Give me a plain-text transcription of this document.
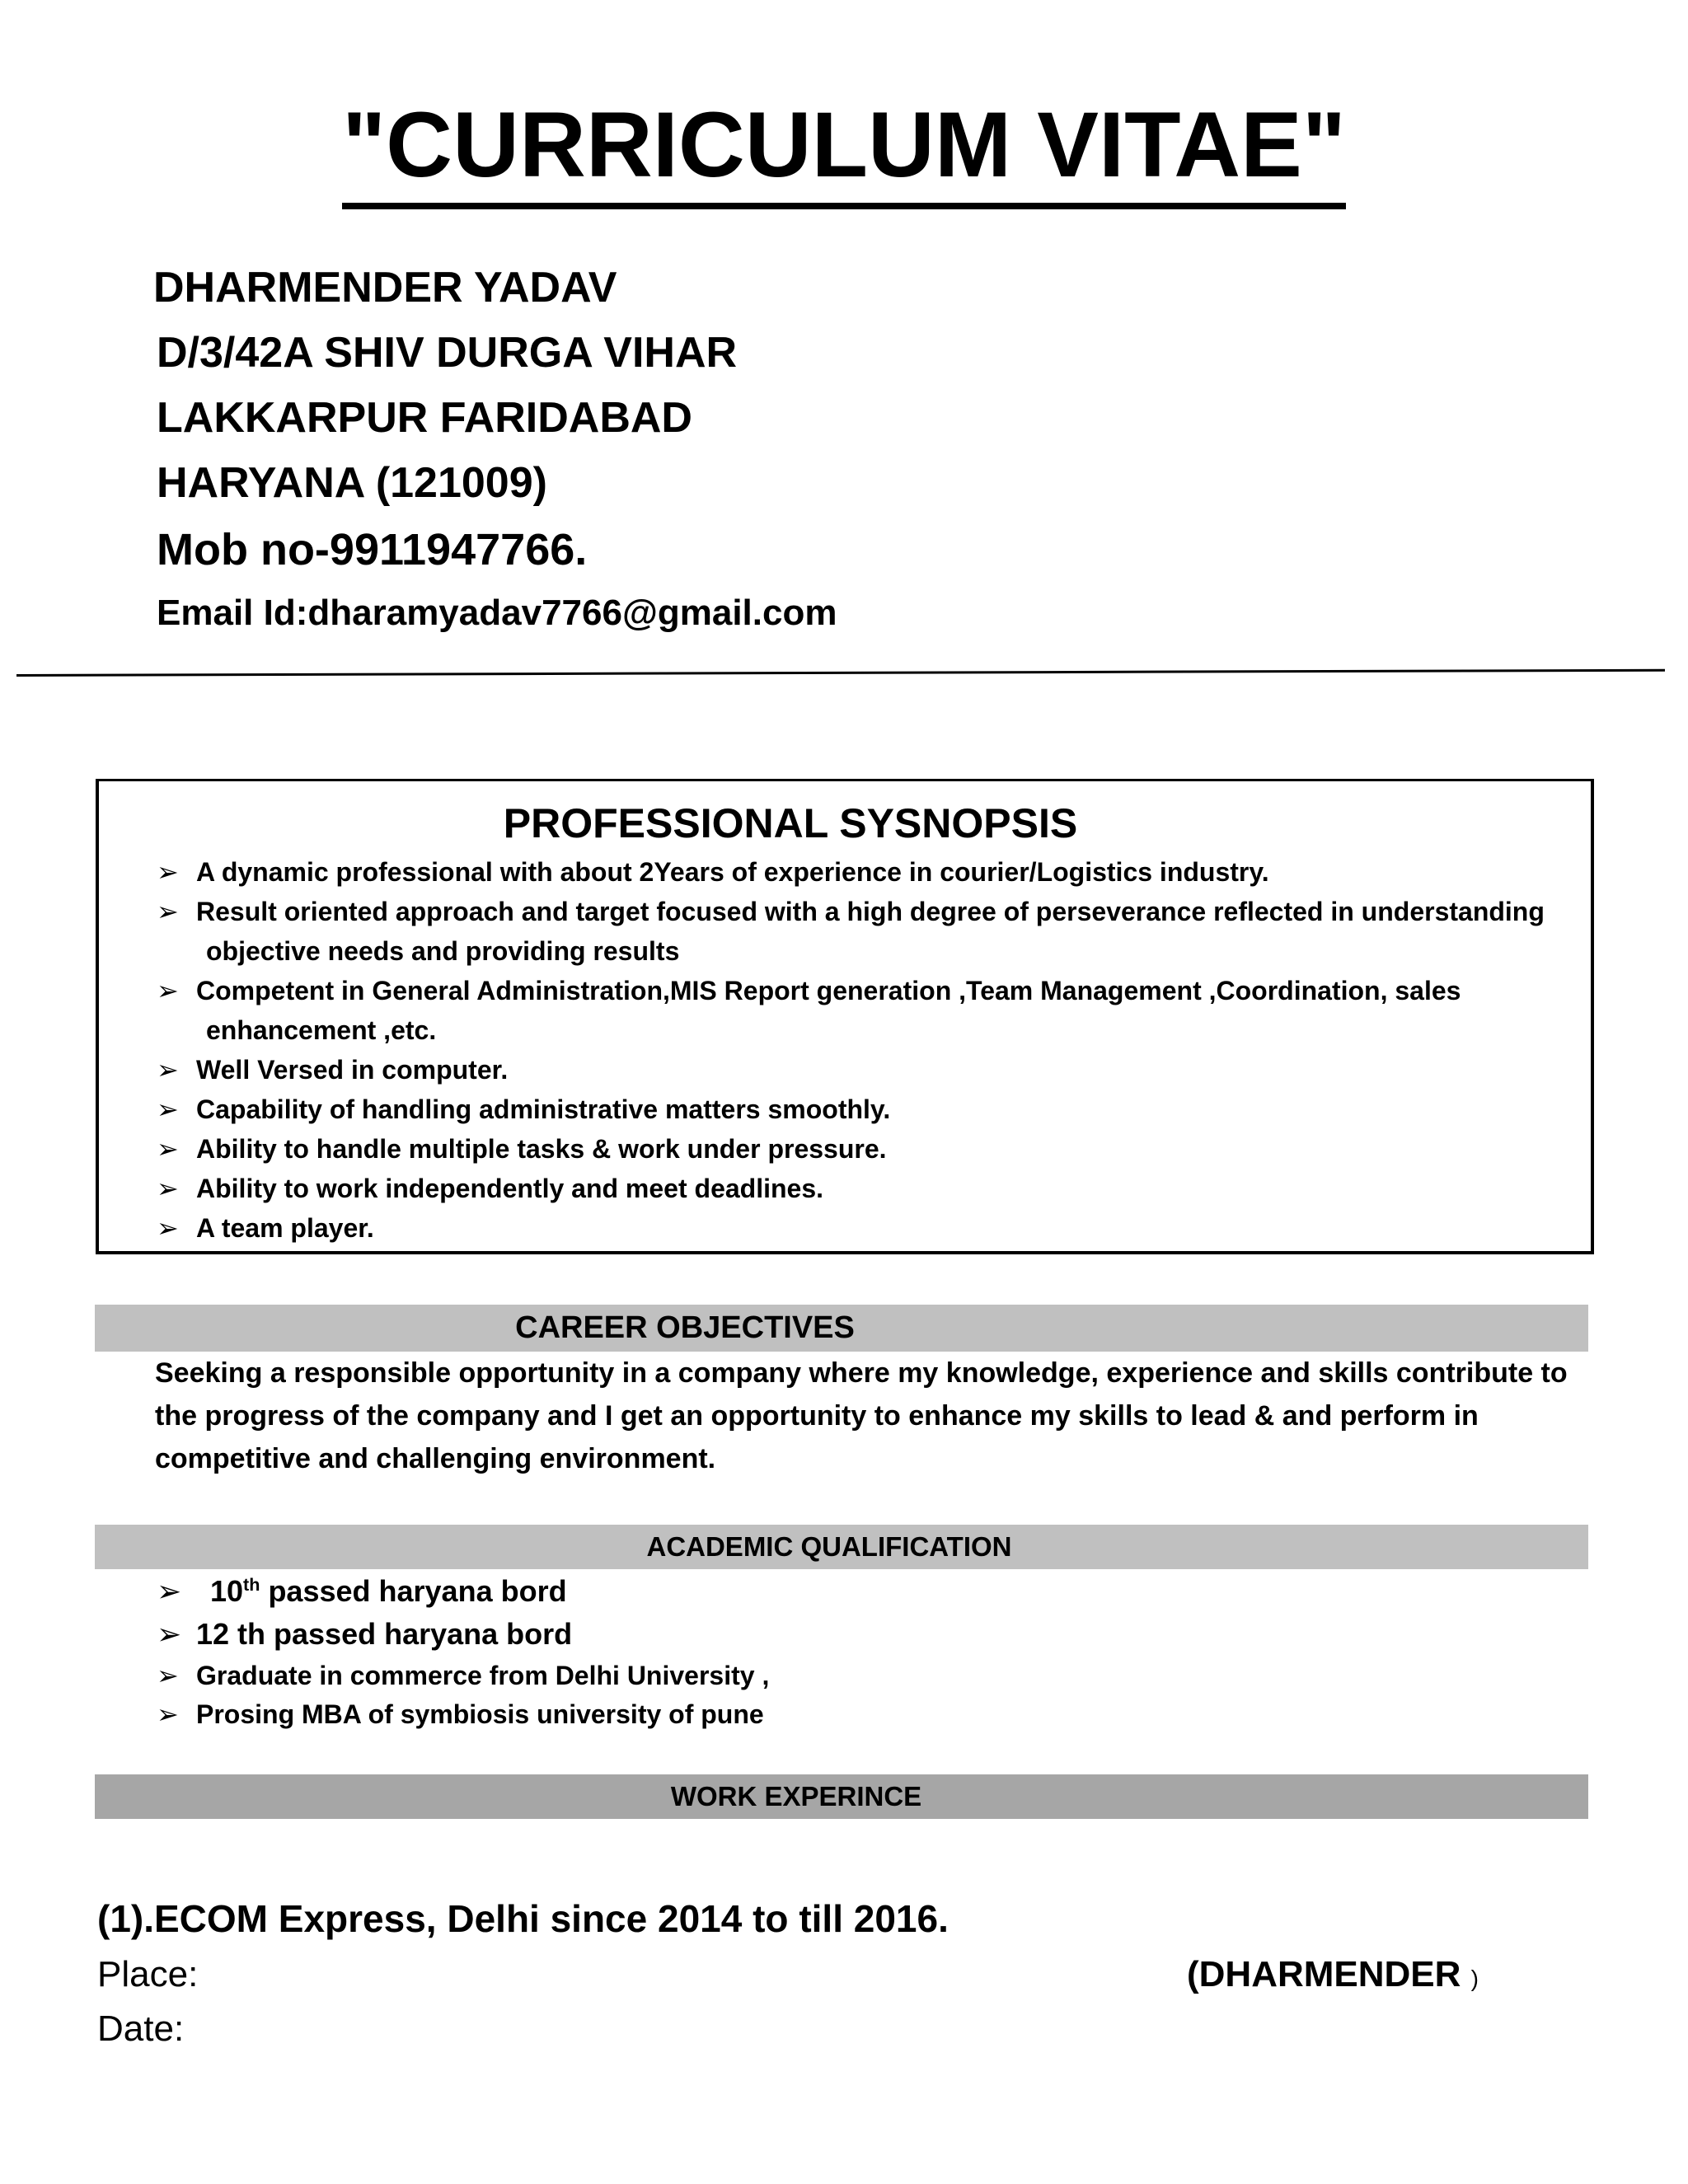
"CURRICULUM VITAE"
DHARMENDER YADAV
D/3/42A SHIV DURGA VIHAR
LAKKARPUR FARIDABAD
HARYANA (121009)
Mob no-9911947766.
Email Id:dharamyadav7766@gmail.com
PROFESSIONAL SYSNOPSIS
➢ A dynamic professional with about 2Years of experience in courier/Logistics industry.
➢ Result oriented approach and target focused with a high degree of perseverance reflected in understanding
objective needs and providing results
➢ Competent in General Administration,MIS Report generation ,Team Management ,Coordination, sales
enhancement ,etc.
➢ Well Versed in computer.
➢ Capability of handling administrative matters smoothly.
➢ Ability to handle multiple tasks & work under pressure.
➢ Ability to work independently and meet deadlines.
➢ A team player.
CAREER OBJECTIVES
Seeking a responsible opportunity in a company where my knowledge, experience and skills contribute to the progress of the company and I get an opportunity to enhance my skills to lead & and perform in competitive and challenging environment.
ACADEMIC QUALIFICATION
➢ 10th passed haryana bord
➢ 12 th passed haryana bord
➢ Graduate in commerce from Delhi University ,
➢ Prosing MBA of symbiosis university of pune
WORK EXPERINCE
(1).ECOM Express, Delhi since 2014 to till 2016.
Place:
Date:
(DHARMENDER )
